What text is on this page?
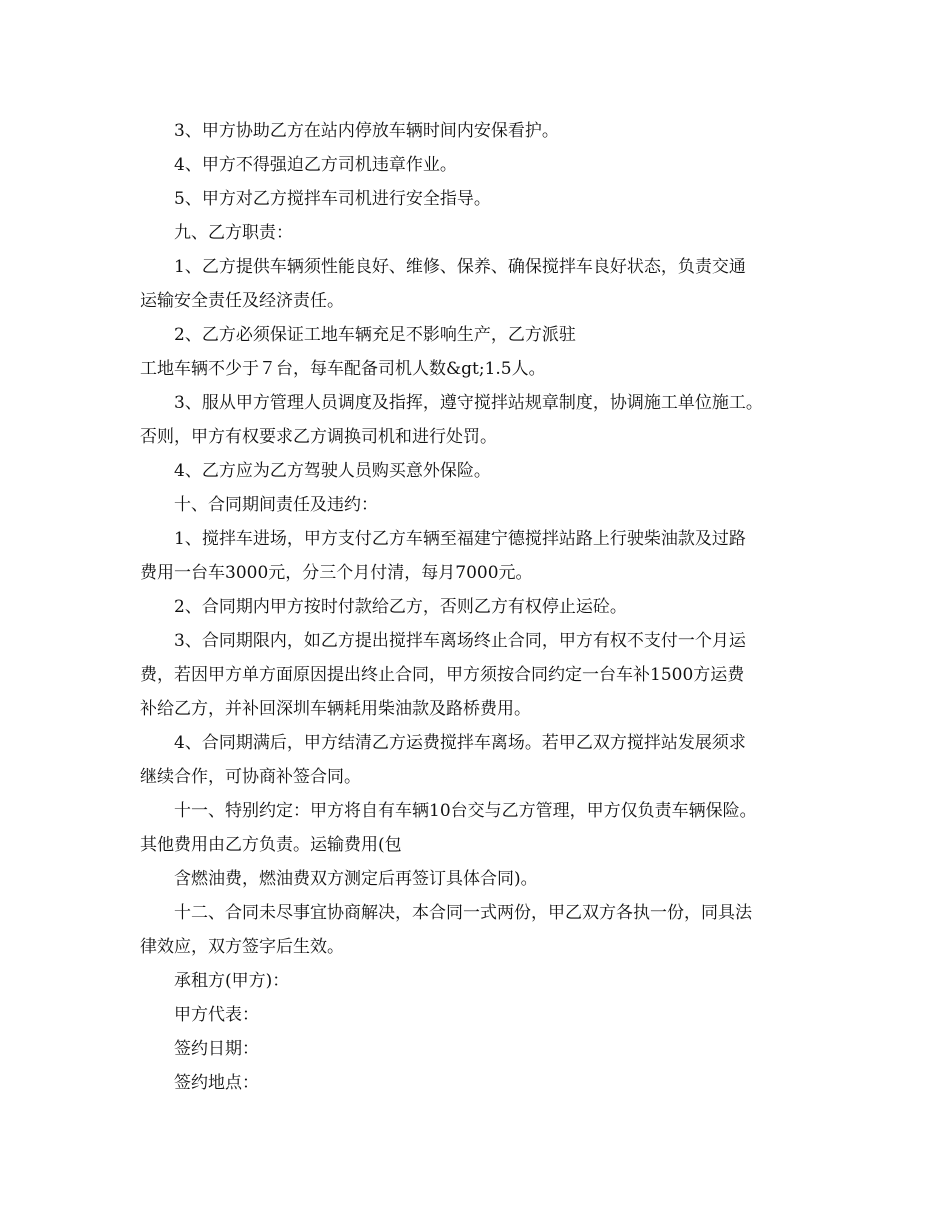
3、甲方协助乙方在站内停放车辆时间内安保看护。

4、甲方不得强迫乙方司机违章作业。

5、甲方对乙方搅拌车司机进行安全指导。

九、乙方职责：

1、乙方提供车辆须性能良好、维修、保养、确保搅拌车良好状态，负责交通
运输安全责任及经济责任。

2、乙方必须保证工地车辆充足不影响生产，乙方派驻

工地车辆不少于７台，每车配备司机人数&gt;1.5人。

3、服从甲方管理人员调度及指挥，遵守搅拌站规章制度，协调施工单位施工。
否则，甲方有权要求乙方调换司机和进行处罚。

4、乙方应为乙方驾驶人员购买意外保险。

十、合同期间责任及违约：

1、搅拌车进场，甲方支付乙方车辆至福建宁德搅拌站路上行驶柴油款及过路
费用一台车3000元，分三个月付清，每月7000元。

2、合同期内甲方按时付款给乙方，否则乙方有权停止运砼。

3、合同期限内，如乙方提出搅拌车离场终止合同，甲方有权不支付一个月运
费，若因甲方单方面原因提出终止合同，甲方须按合同约定一台车补1500方运费
补给乙方，并补回深圳车辆耗用柴油款及路桥费用。

4、合同期满后，甲方结清乙方运费搅拌车离场。若甲乙双方搅拌站发展须求
继续合作，可协商补签合同。

十一、特别约定：甲方将自有车辆10台交与乙方管理，甲方仅负责车辆保险。
其他费用由乙方负责。运输费用(包

含燃油费，燃油费双方测定后再签订具体合同)。

十二、合同未尽事宜协商解决，本合同一式两份，甲乙双方各执一份，同具法
律效应，双方签字后生效。

承租方(甲方)：
甲方代表：
签约日期：
签约地点：
